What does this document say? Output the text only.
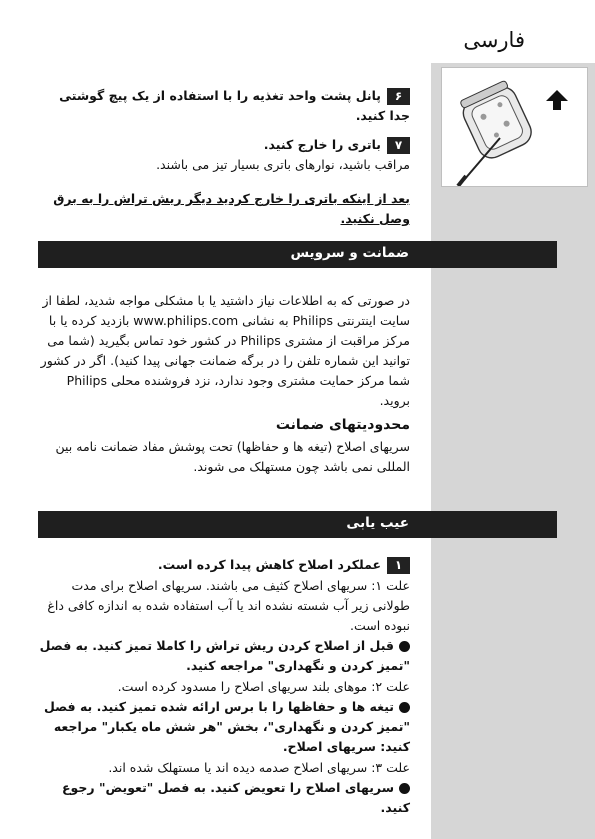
فارسی
۶پانل پشت واحد تغذیه را با استفاده از یک پیچ گوشتی جدا کنید.
۷باتری را خارج کنید.
مراقب باشید، نوارهای باتری بسیار تیز می باشند.
بعد از اینکه باتری را خارج کردید دیگر ریش تراش را به برق وصل نکنید.
ضمانت و سرویس
در صورتی که به اطلاعات نیاز داشتید یا با مشکلی مواجه شدید، لطفا از سایت اینترنتی Philips به نشانی www.philips.com بازدید کرده یا با مرکز مراقبت از مشتری Philips در کشور خود تماس بگیرید (شما می توانید این شماره تلفن را در برگه ضمانت جهانی پیدا کنید). اگر در کشور شما مرکز حمایت مشتری وجود ندارد، نزد فروشنده محلی Philips بروید.
محدودیتهای ضمانت
سریهای اصلاح (تیغه ها و حفاظها) تحت پوشش مفاد ضمانت نامه بین المللی نمی باشد چون مستهلک می شوند.
عیب یابی
۱عملکرد اصلاح کاهش پیدا کرده است.
علت ۱: سریهای اصلاح کثیف می باشند. سریهای اصلاح برای مدت طولانی زیر آب شسته نشده اند یا آب استفاده شده به اندازه کافی داغ نبوده است.
قبل از اصلاح کردن ریش تراش را کاملا تمیز کنید. به فصل "تمیز کردن و نگهداری" مراجعه کنید.
علت ۲: موهای بلند سریهای اصلاح را مسدود کرده است.
تیغه ها و حفاظها را با برس ارائه شده تمیز کنید. به فصل "تمیز کردن و نگهداری"، بخش "هر شش ماه یکبار" مراجعه کنید: سریهای اصلاح.
علت ۳: سریهای اصلاح صدمه دیده اند یا مستهلک شده اند.
سریهای اصلاح را تعویض کنید. به فصل "تعویض" رجوع کنید.
